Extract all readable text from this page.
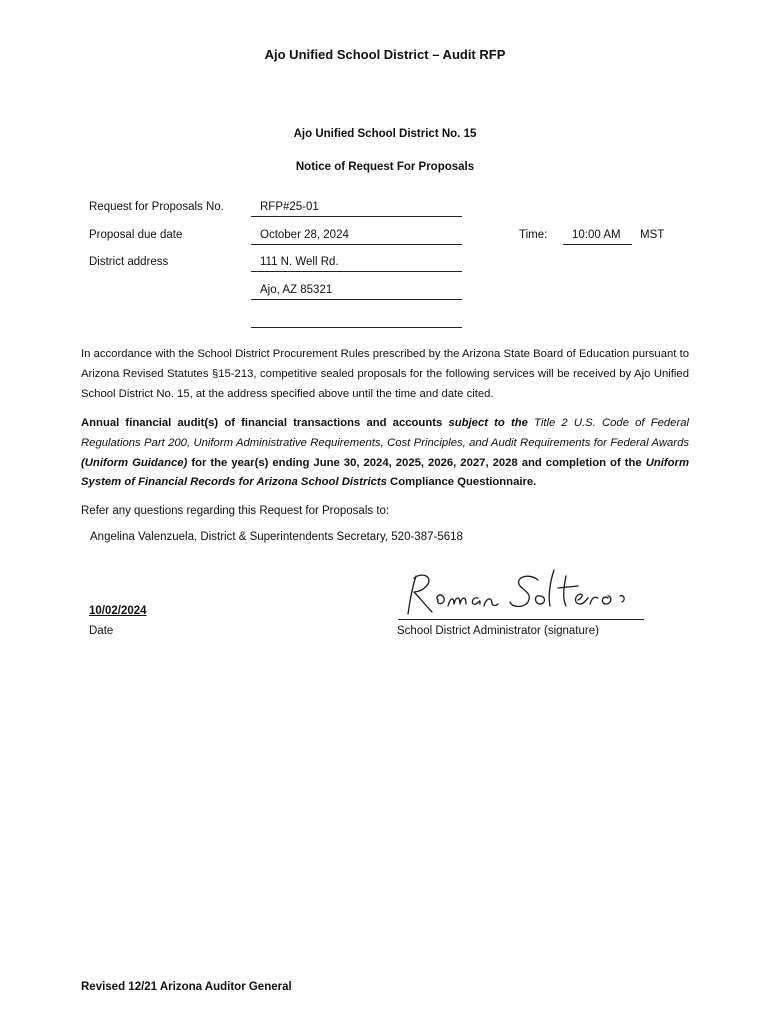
Ajo Unified School District – Audit RFP
Ajo Unified School District No. 15
Notice of Request For Proposals
Request for Proposals No.	RFP#25-01
Proposal due date	October 28, 2024	Time: 10:00 AM MST
District address	111 N. Well Rd.
Ajo, AZ 85321
In accordance with the School District Procurement Rules prescribed by the Arizona State Board of Education pursuant to Arizona Revised Statutes §15-213, competitive sealed proposals for the following services will be received by Ajo Unified School District No. 15, at the address specified above until the time and date cited.
Annual financial audit(s) of financial transactions and accounts subject to the Title 2 U.S. Code of Federal Regulations Part 200, Uniform Administrative Requirements, Cost Principles, and Audit Requirements for Federal Awards (Uniform Guidance) for the year(s) ending June 30, 2024, 2025, 2026, 2027, 2028 and completion of the Uniform System of Financial Records for Arizona School Districts Compliance Questionnaire.
Refer any questions regarding this Request for Proposals to:
Angelina Valenzuela, District & Superintendents Secretary, 520-387-5618
10/02/2024
Date	School District Administrator (signature)
Revised 12/21 Arizona Auditor General
